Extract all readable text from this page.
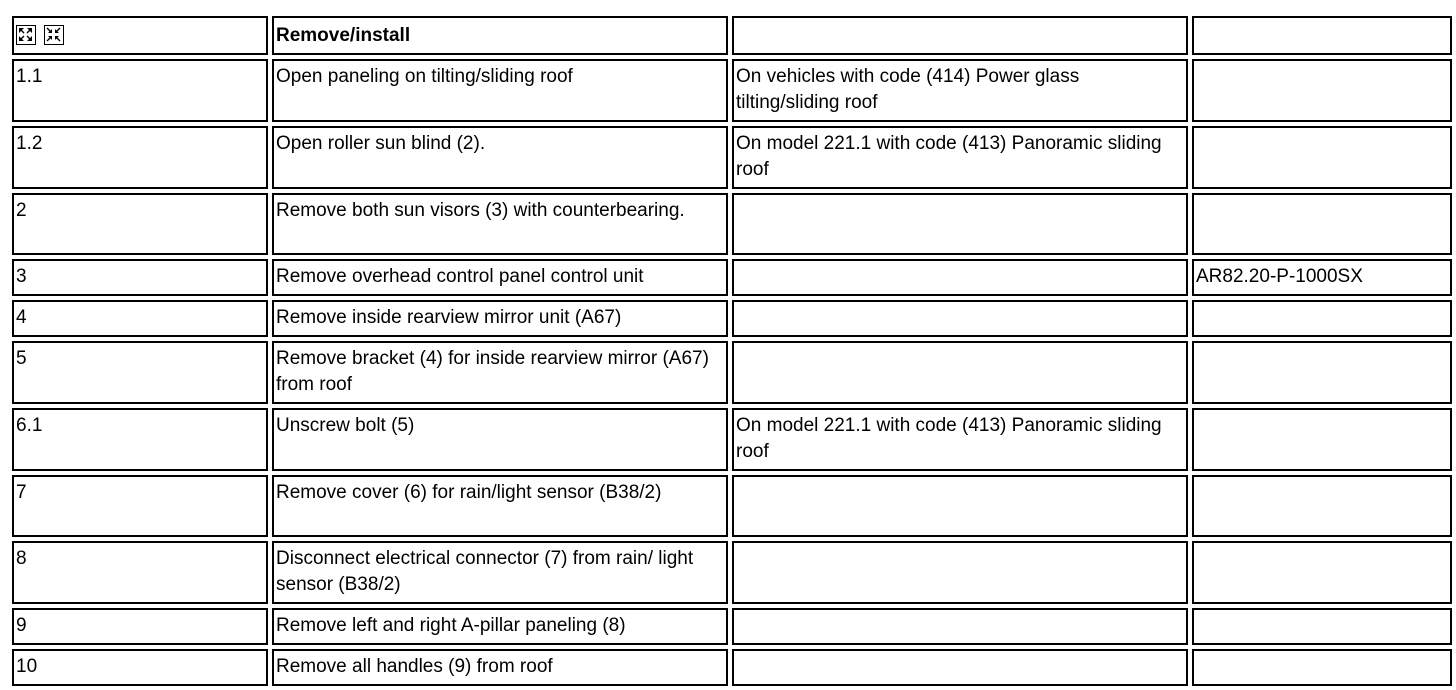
	Remove/install		
1.1	Open paneling on tilting/sliding roof	On vehicles with code (414) Power glass tilting/sliding roof	
1.2	Open roller sun blind (2).	On model 221.1 with code (413) Panoramic sliding roof	
2	Remove both sun visors (3) with counterbearing.		
3	Remove overhead control panel control unit		AR82.20-P-1000SX
4	Remove inside rearview mirror unit (A67)		
5	Remove bracket (4) for inside rearview mirror (A67) from roof		
6.1	Unscrew bolt (5)	On model 221.1 with code (413) Panoramic sliding roof	
7	Remove cover (6) for rain/light sensor (B38/2)		
8	Disconnect electrical connector (7) from rain/ light sensor (B38/2)		
9	Remove left and right A-pillar paneling (8)		
10	Remove all handles (9) from roof		
